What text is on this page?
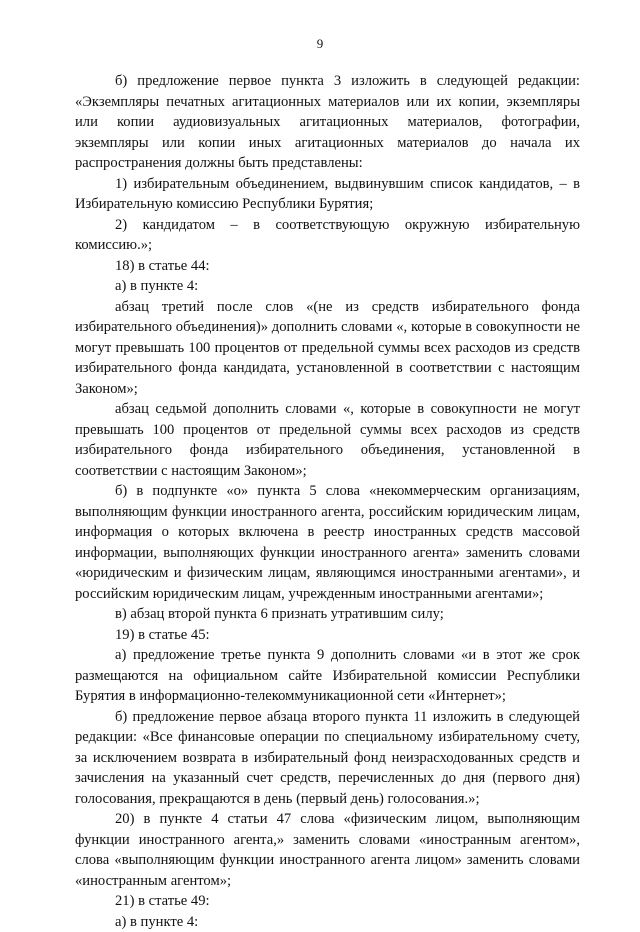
9

б) предложение первое пункта 3 изложить в следующей редакции: «Экземпляры печатных агитационных материалов или их копии, экземпляры или копии аудиовизуальных агитационных материалов, фотографии, экземпляры или копии иных агитационных материалов до начала их распространения должны быть представлены:

1) избирательным объединением, выдвинувшим список кандидатов, – в Избирательную комиссию Республики Бурятия;

2) кандидатом – в соответствующую окружную избирательную комиссию.»;

18) в статье 44:

а) в пункте 4:

абзац третий после слов «(не из средств избирательного фонда избирательного объединения)» дополнить словами «, которые в совокупности не могут превышать 100 процентов от предельной суммы всех расходов из средств избирательного фонда кандидата, установленной в соответствии с настоящим Законом»;

абзац седьмой дополнить словами «, которые в совокупности не могут превышать 100 процентов от предельной суммы всех расходов из средств избирательного фонда избирательного объединения, установленной в соответствии с настоящим Законом»;

б) в подпункте «о» пункта 5 слова «некоммерческим организациям, выполняющим функции иностранного агента, российским юридическим лицам, информация о которых включена в реестр иностранных средств массовой информации, выполняющих функции иностранного агента» заменить словами «юридическим и физическим лицам, являющимся иностранными агентами», и российским юридическим лицам, учрежденным иностранными агентами»;

в) абзац второй пункта 6 признать утратившим силу;

19) в статье 45:

а) предложение третье пункта 9 дополнить словами «и в этот же срок размещаются на официальном сайте Избирательной комиссии Республики Бурятия в информационно-телекоммуникационной сети «Интернет»;

б) предложение первое абзаца второго пункта 11 изложить в следующей редакции: «Все финансовые операции по специальному избирательному счету, за исключением возврата в избирательный фонд неизрасходованных средств и зачисления на указанный счет средств, перечисленных до дня (первого дня) голосования, прекращаются в день (первый день) голосования.»;

20) в пункте 4 статьи 47 слова «физическим лицом, выполняющим функции иностранного агента,» заменить словами «иностранным агентом», слова «выполняющим функции иностранного агента лицом» заменить словами «иностранным агентом»;

21) в статье 49:

а) в пункте 4:
